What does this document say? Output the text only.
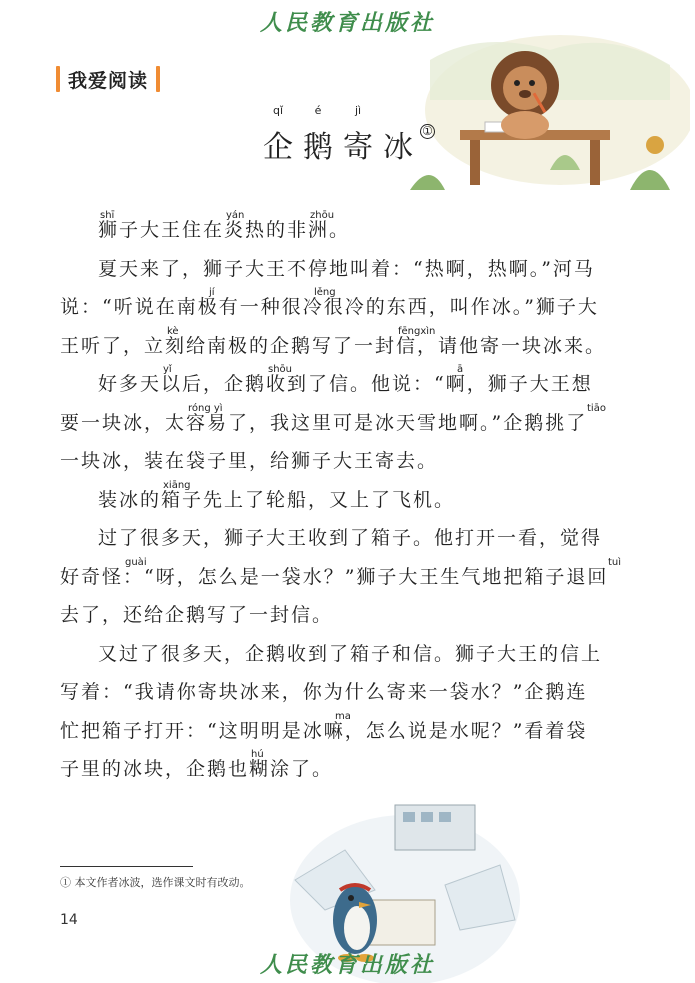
人民教育出版社
我爱阅读
qǐ
企
é
鹅
jì
寄 冰 ①
狮子大王住在炎热的非洲。
shī	yán	zhōu
夏天来了，狮子大王不停地叫着：“热啊，热啊。”河马
说：“听说在南极有一种很冷很冷的东西，叫作冰。”狮子大
jí	lěng
王听了，立刻给南极的企鹅写了一封信，请他寄一块冰来。
kè	fēngxìn
好多天以后，企鹅收到了信。他说：“啊，狮子大王想
yǐ	shōu	ā
要一块冰，太容易了，我这里可是冰天雪地啊。”企鹅挑了
róng yì	tiāo
一块冰，装在袋子里，给狮子大王寄去。
装冰的箱子先上了轮船，又上了飞机。
xiāng
过了很多天，狮子大王收到了箱子。他打开一看，觉得
好奇怪：“呀，怎么是一袋水？”狮子大王生气地把箱子退回
guài	tuì
去了，还给企鹅写了一封信。
又过了很多天，企鹅收到了箱子和信。狮子大王的信上
写着：“我请你寄块冰来，你为什么寄来一袋水？”企鹅连
忙把箱子打开：“这明明是冰嘛，怎么说是水呢？”看着袋
ma
子里的冰块，企鹅也糊涂了。
hú
① 本文作者冰波，选作课文时有改动。
14
人民教育出版社
